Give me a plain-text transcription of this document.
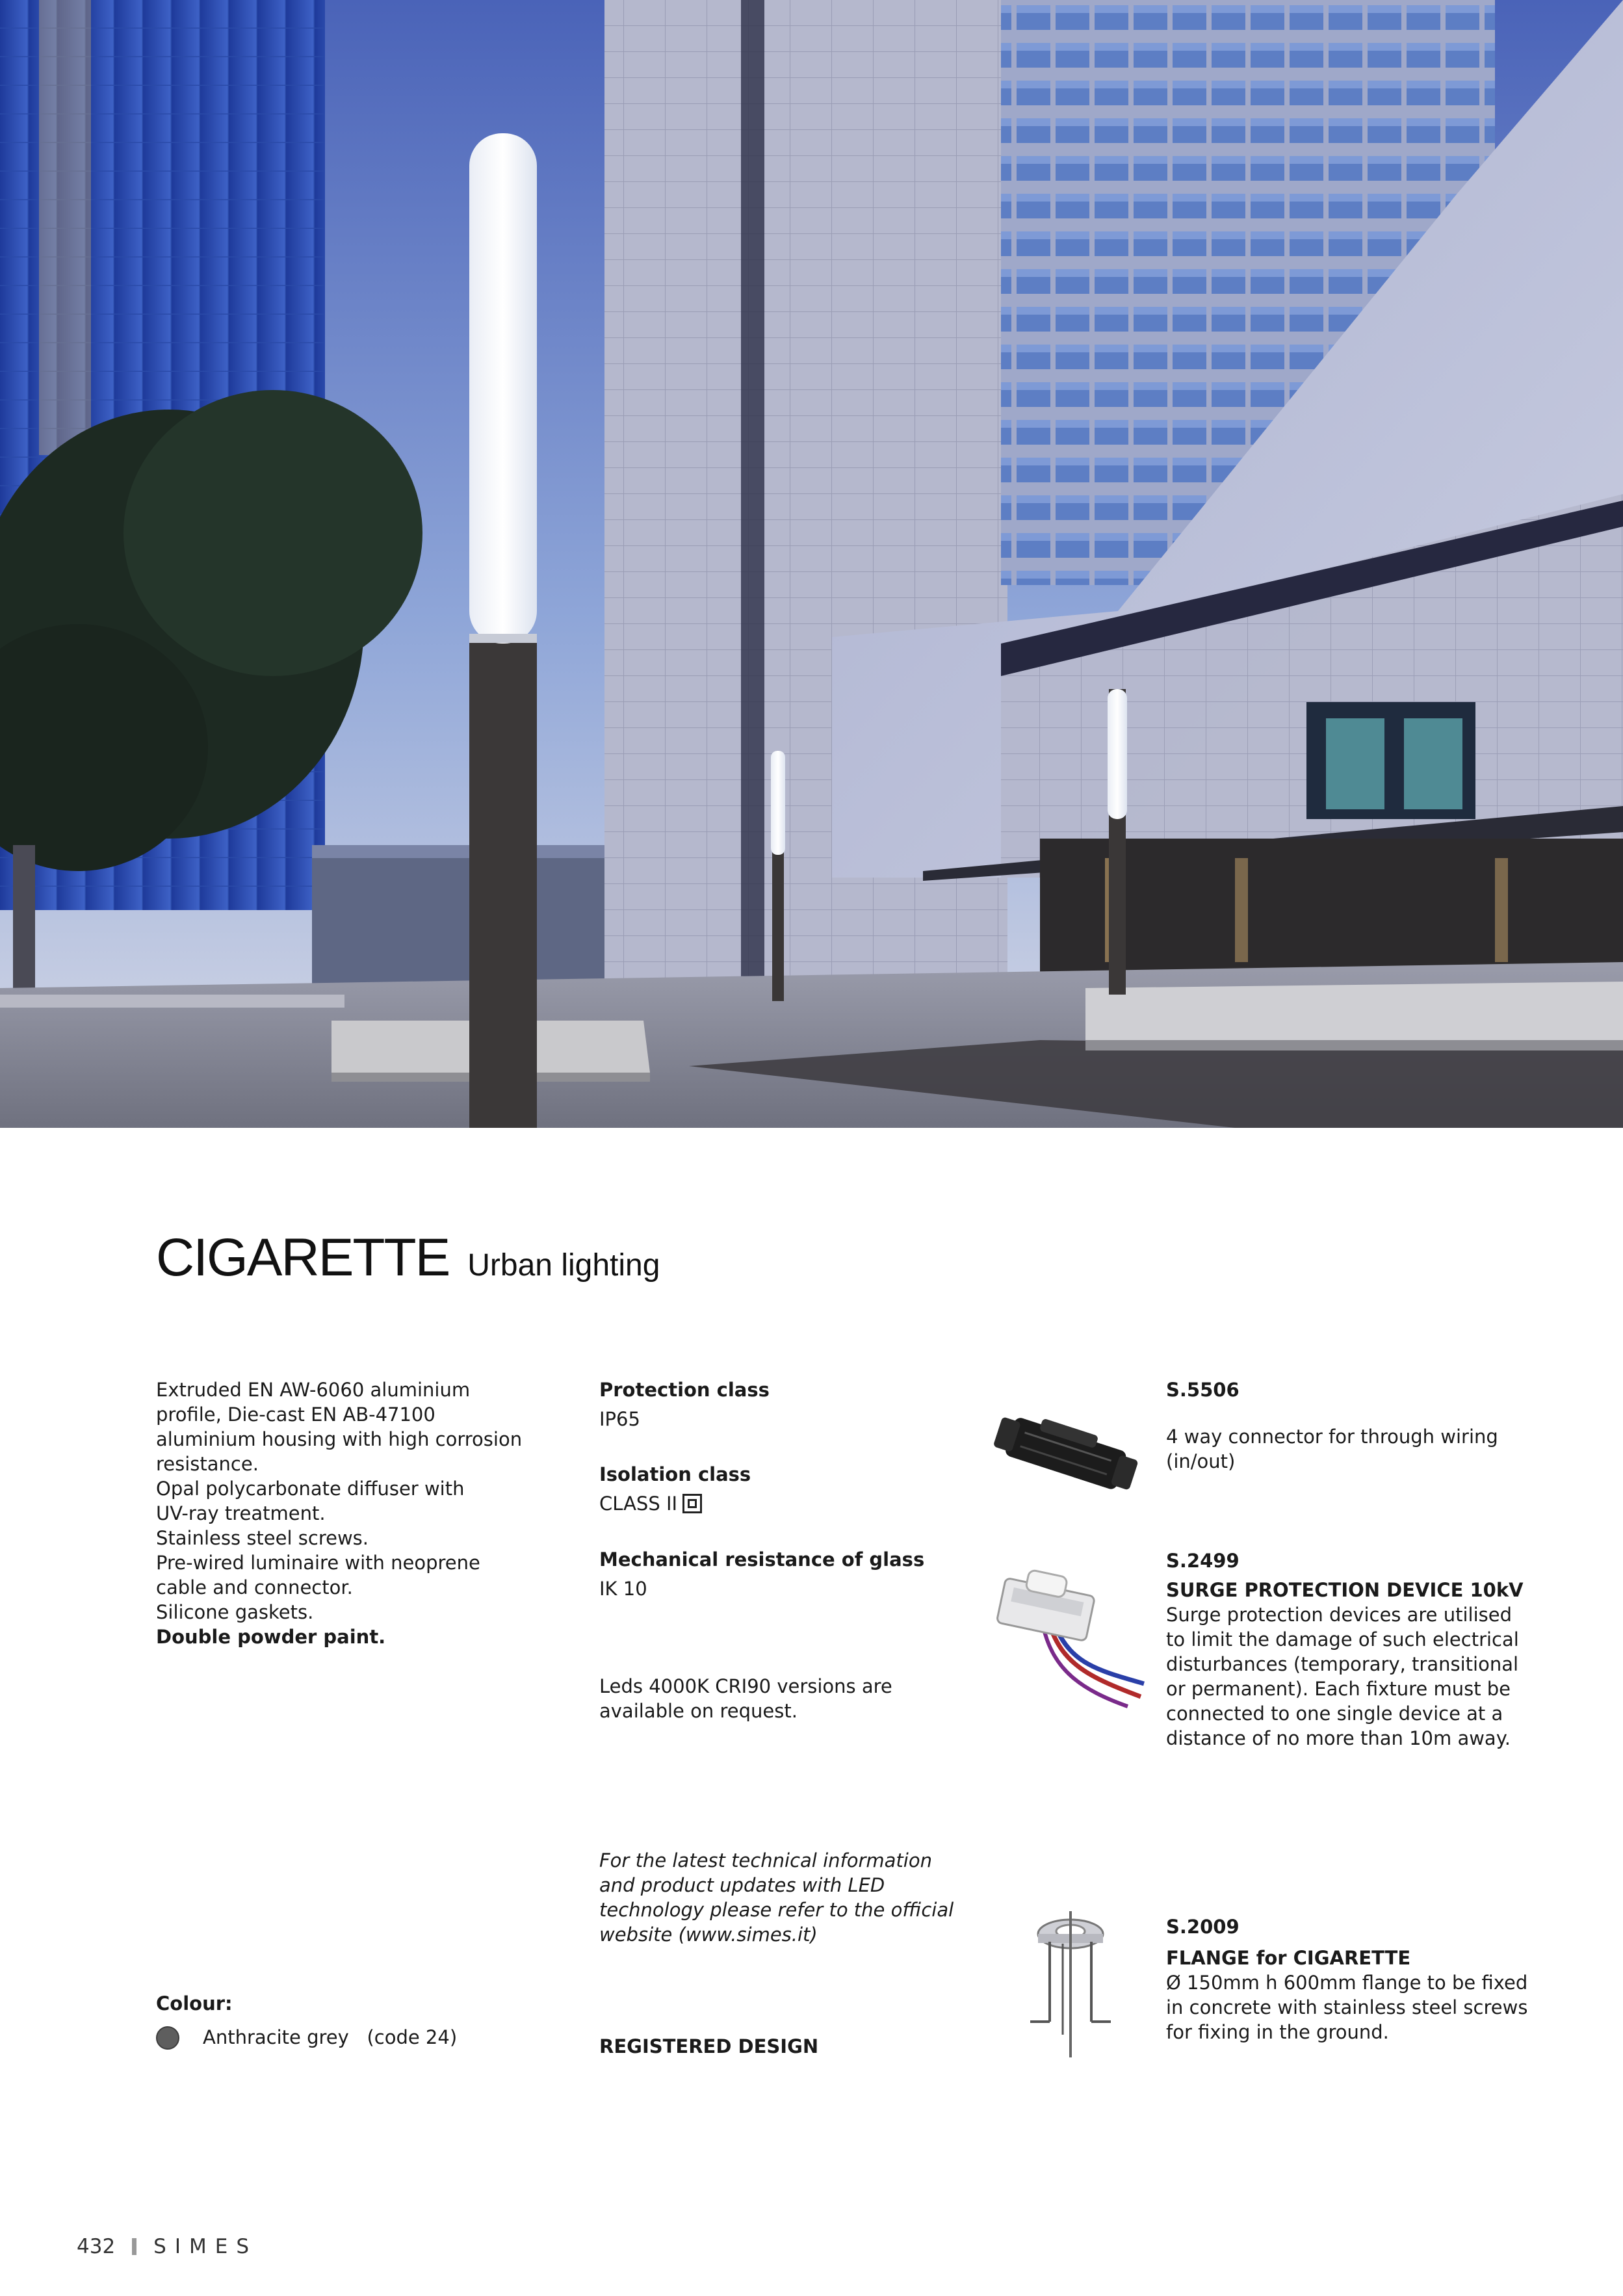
CIGARETTE Urban lighting
Extruded EN AW-6060 aluminium
profile, Die-cast EN AB-47100
aluminium housing with high corrosion
resistance.
Opal polycarbonate diffuser with
UV-ray treatment.
Stainless steel screws.
Pre-wired luminaire with neoprene
cable and connector.
Silicone gaskets.
Double powder paint.
Colour:
Anthracite grey (code 24)
Protection class
IP65
Isolation class
CLASS II
Mechanical resistance of glass
IK 10
Leds 4000K CRI90 versions are
available on request.
For the latest technical information
and product updates with LED
technology please refer to the official
website (www.simes.it)
REGISTERED DESIGN
S.5506
4 way connector for through wiring
(in/out)
S.2499
SURGE PROTECTION DEVICE 10kV
Surge protection devices are utilised
to limit the damage of such electrical
disturbances (temporary, transitional
or permanent). Each fixture must be
connected to one single device at a
distance of no more than 10m away.
S.2009
FLANGE for CIGARETTE
Ø 150mm h 600mm flange to be fixed
in concrete with stainless steel screws
for fixing in the ground.
432 SIMES
